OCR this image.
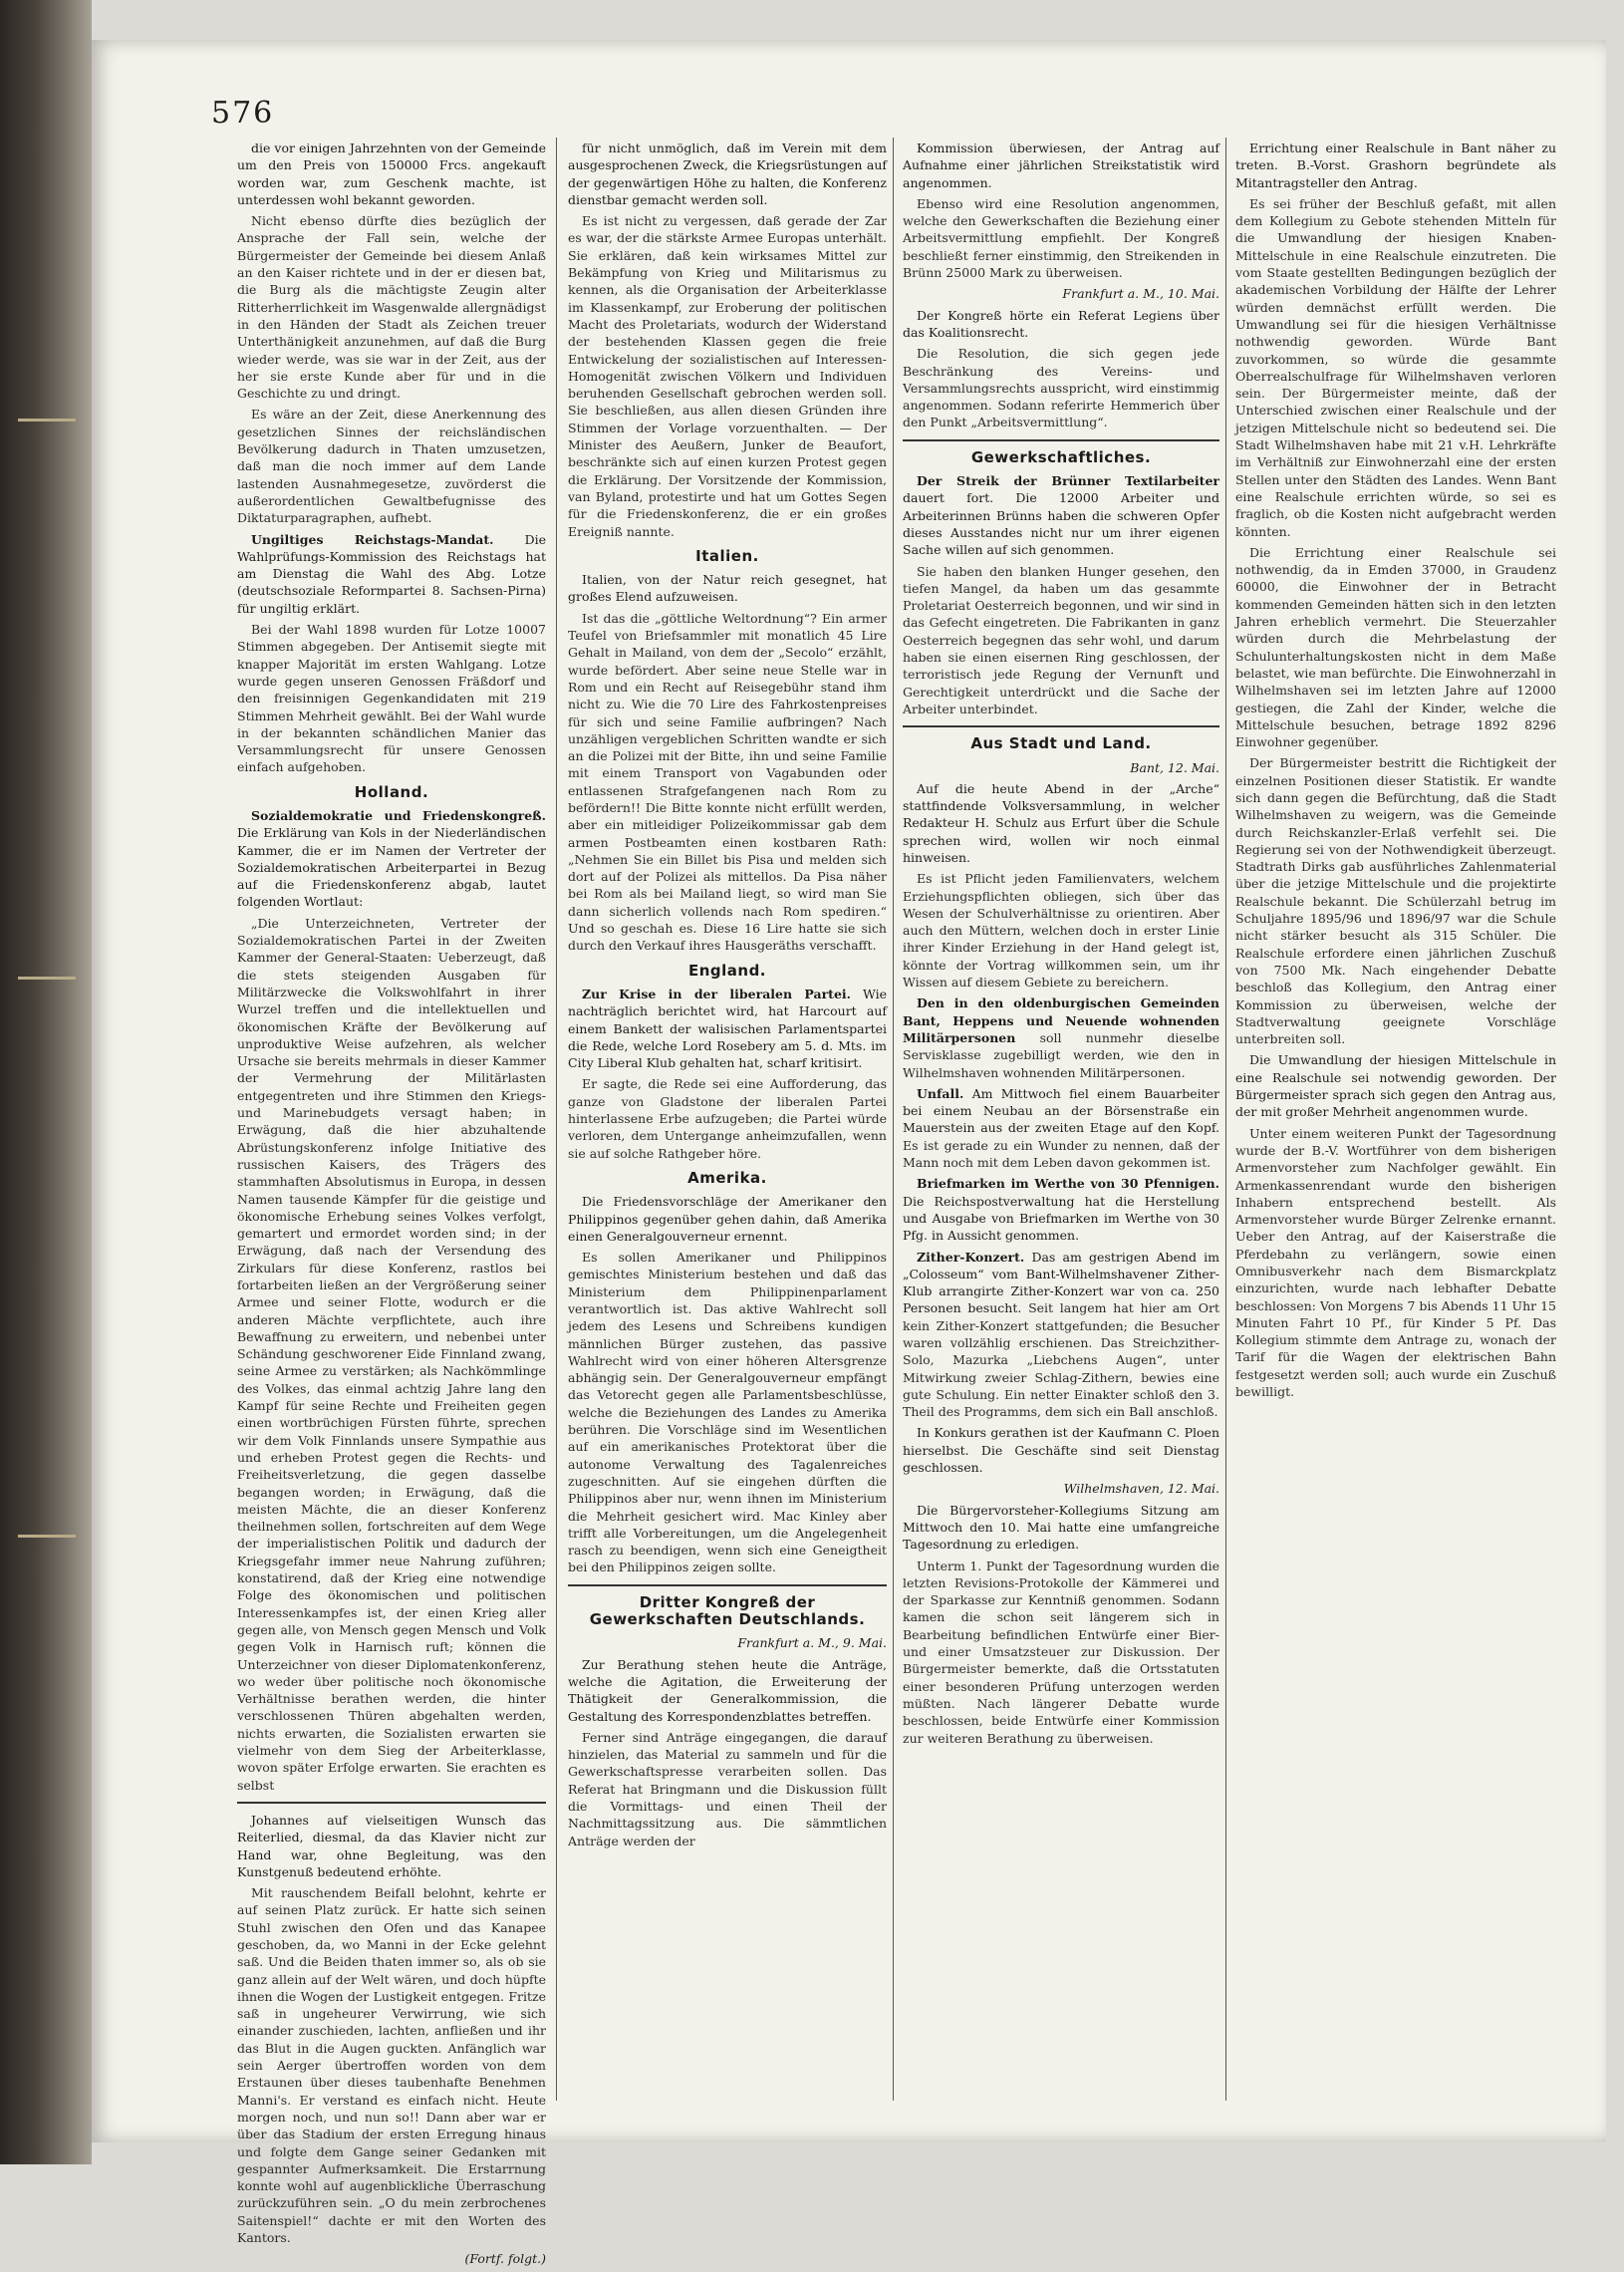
576

die vor einigen Jahrzehnten von der Gemeinde um den Preis von 150000 Frcs. angekauft worden war, zum Geschenk machte, ist unterdessen wohl bekannt geworden.

Nicht ebenso dürfte dies bezüglich der Ansprache der Fall sein, welche der Bürgermeister der Gemeinde bei diesem Anlaß an den Kaiser richtete und in der er diesen bat, die Burg als die mächtigste Zeugin alter Ritterherrlichkeit im Wasgenwalde allergnädigst in den Händen der Stadt als Zeichen treuer Unterthänigkeit anzunehmen, auf daß die Burg wieder werde, was sie war in der Zeit, aus der her sie erste Kunde aber für und in die Geschichte zu und dringt.

Es wäre an der Zeit, diese Anerkennung des gesetzlichen Sinnes der reichsländischen Bevölkerung dadurch in Thaten umzusetzen, daß man die noch immer auf dem Lande lastenden Ausnahmegesetze, zuvörderst die außerordentlichen Gewaltbefugnisse des Diktaturparagraphen, aufhebt.

Ungiltiges Reichstags-Mandat. Die Wahlprüfungs-Kommission des Reichstags hat am Dienstag die Wahl des Abg. Lotze (deutschsoziale Reformpartei 8. Sachsen-Pirna) für ungiltig erklärt.

Bei der Wahl 1898 wurden für Lotze 10007 Stimmen abgegeben. Der Antisemit siegte mit knapper Majorität im ersten Wahlgang. Lotze wurde gegen unseren Genossen Fräßdorf und den freisinnigen Gegenkandidaten mit 219 Stimmen Mehrheit gewählt. Bei der Wahl wurde in der bekannten schändlichen Manier das Versammlungsrecht für unsere Genossen einfach aufgehoben.

Holland.

Sozialdemokratie und Friedenskongreß. Die Erklärung van Kols in der Niederländischen Kammer, die er im Namen der Vertreter der Sozialdemokratischen Arbeiterpartei in Bezug auf die Friedenskonferenz abgab, lautet folgenden Wortlaut:

„Die Unterzeichneten, Vertreter der Sozialdemokratischen Partei in der Zweiten Kammer der General-Staaten: Ueberzeugt, daß die stets steigenden Ausgaben für Militärzwecke die Volkswohlfahrt in ihrer Wurzel treffen und die intellektuellen und ökonomischen Kräfte der Bevölkerung auf unproduktive Weise aufzehren, als welcher Ursache sie bereits mehrmals in dieser Kammer der Vermehrung der Militärlasten entgegentreten und ihre Stimmen den Kriegs- und Marinebudgets versagt haben; in Erwägung, daß die hier abzuhaltende Abrüstungskonferenz infolge Initiative des russischen Kaisers, des Trägers des stammhaften Absolutismus in Europa, in dessen Namen tausende Kämpfer für die geistige und ökonomische Erhebung seines Volkes verfolgt, gemartert und ermordet worden sind; in der Erwägung, daß nach der Versendung des Zirkulars für diese Konferenz, rastlos bei fortarbeiten ließen an der Vergrößerung seiner Armee und seiner Flotte, wodurch er die anderen Mächte verpflichtete, auch ihre Bewaffnung zu erweitern, und nebenbei unter Schändung geschworener Eide Finnland zwang, seine Armee zu verstärken; als Nachkömmlinge des Volkes, das einmal achtzig Jahre lang den Kampf für seine Rechte und Freiheiten gegen einen wortbrüchigen Fürsten führte, sprechen wir dem Volk Finnlands unsere Sympathie aus und erheben Protest gegen die Rechts- und Freiheitsverletzung, die gegen dasselbe begangen worden; in Erwägung, daß die meisten Mächte, die an dieser Konferenz theilnehmen sollen, fortschreiten auf dem Wege der imperialistischen Politik und dadurch der Kriegsgefahr immer neue Nahrung zuführen; konstatirend, daß der Krieg eine notwendige Folge des ökonomischen und politischen Interessenkampfes ist, der einen Krieg aller gegen alle, von Mensch gegen Mensch und Volk gegen Volk in Harnisch ruft; können die Unterzeichner von dieser Diplomatenkonferenz, wo weder über politische noch ökonomische Verhältnisse berathen werden, die hinter verschlossenen Thüren abgehalten werden, nichts erwarten, die Sozialisten erwarten sie vielmehr von dem Sieg der Arbeiterklasse, wovon später Erfolge erwarten. Sie erachten es selbst

Johannes auf vielseitigen Wunsch das Reiterlied, diesmal, da das Klavier nicht zur Hand war, ohne Begleitung, was den Kunstgenuß bedeutend erhöhte.

Mit rauschendem Beifall belohnt, kehrte er auf seinen Platz zurück. Er hatte sich seinen Stuhl zwischen den Ofen und das Kanapee geschoben, da, wo Manni in der Ecke gelehnt saß. Und die Beiden thaten immer so, als ob sie ganz allein auf der Welt wären, und doch hüpfte ihnen die Wogen der Lustigkeit entgegen. Fritze saß in ungeheurer Verwirrung, wie sich einander zuschieden, lachten, anfließen und ihr das Blut in die Augen guckten. Anfänglich war sein Aerger übertroffen worden von dem Erstaunen über dieses taubenhafte Benehmen Manni's. Er verstand es einfach nicht. Heute morgen noch, und nun so!! Dann aber war er über das Stadium der ersten Erregung hinaus und folgte dem Gange seiner Gedanken mit gespannter Aufmerksamkeit. Die Erstarrnung konnte wohl auf augenblickliche Überraschung zurückzuführen sein. „O du mein zerbrochenes Saitenspiel!“ dachte er mit den Worten des Kantors.

(Fortf. folgt.)

für nicht unmöglich, daß im Verein mit dem ausgesprochenen Zweck, die Kriegsrüstungen auf der gegenwärtigen Höhe zu halten, die Konferenz dienstbar gemacht werden soll.

Es ist nicht zu vergessen, daß gerade der Zar es war, der die stärkste Armee Europas unterhält. Sie erklären, daß kein wirksames Mittel zur Bekämpfung von Krieg und Militarismus zu kennen, als die Organisation der Arbeiterklasse im Klassenkampf, zur Eroberung der politischen Macht des Proletariats, wodurch der Widerstand der bestehenden Klassen gegen die freie Entwickelung der sozialistischen auf Interessen-Homogenität zwischen Völkern und Individuen beruhenden Gesellschaft gebrochen werden soll. Sie beschließen, aus allen diesen Gründen ihre Stimmen der Vorlage vorzuenthalten. — Der Minister des Aeußern, Junker de Beaufort, beschränkte sich auf einen kurzen Protest gegen die Erklärung. Der Vorsitzende der Kommission, van Byland, protestirte und hat um Gottes Segen für die Friedenskonferenz, die er ein großes Ereigniß nannte.

Italien.

Italien, von der Natur reich gesegnet, hat großes Elend aufzuweisen.

Ist das die „göttliche Weltordnung“? Ein armer Teufel von Briefsammler mit monatlich 45 Lire Gehalt in Mailand, von dem der „Secolo“ erzählt, wurde befördert. Aber seine neue Stelle war in Rom und ein Recht auf Reisegebühr stand ihm nicht zu. Wie die 70 Lire des Fahrkostenpreises für sich und seine Familie aufbringen? Nach unzähligen vergeblichen Schritten wandte er sich an die Polizei mit der Bitte, ihn und seine Familie mit einem Transport von Vagabunden oder entlassenen Strafgefangenen nach Rom zu befördern!! Die Bitte konnte nicht erfüllt werden, aber ein mitleidiger Polizeikommissar gab dem armen Postbeamten einen kostbaren Rath: „Nehmen Sie ein Billet bis Pisa und melden sich dort auf der Polizei als mittellos. Da Pisa näher bei Rom als bei Mailand liegt, so wird man Sie dann sicherlich vollends nach Rom spediren.“ Und so geschah es. Diese 16 Lire hatte sie sich durch den Verkauf ihres Hausgeräths verschafft.

England.

Zur Krise in der liberalen Partei. Wie nachträglich berichtet wird, hat Harcourt auf einem Bankett der walisischen Parlamentspartei die Rede, welche Lord Rosebery am 5. d. Mts. im City Liberal Klub gehalten hat, scharf kritisirt.

Er sagte, die Rede sei eine Aufforderung, das ganze von Gladstone der liberalen Partei hinterlassene Erbe aufzugeben; die Partei würde verloren, dem Untergange anheimzufallen, wenn sie auf solche Rathgeber höre.

Amerika.

Die Friedensvorschläge der Amerikaner den Philippinos gegenüber gehen dahin, daß Amerika einen Generalgouverneur ernennt.

Es sollen Amerikaner und Philippinos gemischtes Ministerium bestehen und daß das Ministerium dem Philippinenparlament verantwortlich ist. Das aktive Wahlrecht soll jedem des Lesens und Schreibens kundigen männlichen Bürger zustehen, das passive Wahlrecht wird von einer höheren Altersgrenze abhängig sein. Der Generalgouverneur empfängt das Vetorecht gegen alle Parlamentsbeschlüsse, welche die Beziehungen des Landes zu Amerika berühren. Die Vorschläge sind im Wesentlichen auf ein amerikanisches Protektorat über die autonome Verwaltung des Tagalenreiches zugeschnitten. Auf sie eingehen dürften die Philippinos aber nur, wenn ihnen im Ministerium die Mehrheit gesichert wird. Mac Kinley aber trifft alle Vorbereitungen, um die Angelegenheit rasch zu beendigen, wenn sich eine Geneigtheit bei den Philippinos zeigen sollte.

Dritter Kongreß der Gewerkschaften Deutschlands.

Frankfurt a. M., 9. Mai.

Zur Berathung stehen heute die Anträge, welche die Agitation, die Erweiterung der Thätigkeit der Generalkommission, die Gestaltung des Korrespondenzblattes betreffen.

Ferner sind Anträge eingegangen, die darauf hinzielen, das Material zu sammeln und für die Gewerkschaftspresse verarbeiten sollen. Das Referat hat Bringmann und die Diskussion füllt die Vormittags- und einen Theil der Nachmittagssitzung aus. Die sämmtlichen Anträge werden der

Kommission überwiesen, der Antrag auf Aufnahme einer jährlichen Streikstatistik wird angenommen.

Ebenso wird eine Resolution angenommen, welche den Gewerkschaften die Beziehung einer Arbeitsvermittlung empfiehlt. Der Kongreß beschließt ferner einstimmig, den Streikenden in Brünn 25000 Mark zu überweisen.

Frankfurt a. M., 10. Mai.

Der Kongreß hörte ein Referat Legiens über das Koalitionsrecht.

Die Resolution, die sich gegen jede Beschränkung des Vereins- und Versammlungsrechts ausspricht, wird einstimmig angenommen. Sodann referirte Hemmerich über den Punkt „Arbeitsvermittlung“.

Gewerkschaftliches.

Der Streik der Brünner Textilarbeiter dauert fort. Die 12000 Arbeiter und Arbeiterinnen Brünns haben die schweren Opfer dieses Ausstandes nicht nur um ihrer eigenen Sache willen auf sich genommen.

Sie haben den blanken Hunger gesehen, den tiefen Mangel, da haben um das gesammte Proletariat Oesterreich begonnen, und wir sind in das Gefecht eingetreten. Die Fabrikanten in ganz Oesterreich begegnen das sehr wohl, und darum haben sie einen eisernen Ring geschlossen, der terroristisch jede Regung der Vernunft und Gerechtigkeit unterdrückt und die Sache der Arbeiter unterbindet.

Aus Stadt und Land.

Bant, 12. Mai.

Auf die heute Abend in der „Arche“ stattfindende Volksversammlung, in welcher Redakteur H. Schulz aus Erfurt über die Schule sprechen wird, wollen wir noch einmal hinweisen.

Es ist Pflicht jeden Familienvaters, welchem Erziehungspflichten obliegen, sich über das Wesen der Schulverhältnisse zu orientiren. Aber auch den Müttern, welchen doch in erster Linie ihrer Kinder Erziehung in der Hand gelegt ist, könnte der Vortrag willkommen sein, um ihr Wissen auf diesem Gebiete zu bereichern.

Den in den oldenburgischen Gemeinden Bant, Heppens und Neuende wohnenden Militärpersonen soll nunmehr dieselbe Servisklasse zugebilligt werden, wie den in Wilhelmshaven wohnenden Militärpersonen.

Unfall. Am Mittwoch fiel einem Bauarbeiter bei einem Neubau an der Börsenstraße ein Mauerstein aus der zweiten Etage auf den Kopf. Es ist gerade zu ein Wunder zu nennen, daß der Mann noch mit dem Leben davon gekommen ist.

Briefmarken im Werthe von 30 Pfennigen. Die Reichspostverwaltung hat die Herstellung und Ausgabe von Briefmarken im Werthe von 30 Pfg. in Aussicht genommen.

Zither-Konzert. Das am gestrigen Abend im „Colosseum“ vom Bant-Wilhelmshavener Zither-Klub arrangirte Zither-Konzert war von ca. 250 Personen besucht. Seit langem hat hier am Ort kein Zither-Konzert stattgefunden; die Besucher waren vollzählig erschienen. Das Streichzither-Solo, Mazurka „Liebchens Augen“, unter Mitwirkung zweier Schlag-Zithern, bewies eine gute Schulung. Ein netter Einakter schloß den 3. Theil des Programms, dem sich ein Ball anschloß.

In Konkurs gerathen ist der Kaufmann C. Ploen hierselbst. Die Geschäfte sind seit Dienstag geschlossen.

Wilhelmshaven, 12. Mai.

Die Bürgervorsteher-Kollegiums Sitzung am Mittwoch den 10. Mai hatte eine umfangreiche Tagesordnung zu erledigen.

Unterm 1. Punkt der Tagesordnung wurden die letzten Revisions-Protokolle der Kämmerei und der Sparkasse zur Kenntniß genommen. Sodann kamen die schon seit längerem sich in Bearbeitung befindlichen Entwürfe einer Bier- und einer Umsatzsteuer zur Diskussion. Der Bürgermeister bemerkte, daß die Ortsstatuten einer besonderen Prüfung unterzogen werden müßten. Nach längerer Debatte wurde beschlossen, beide Entwürfe einer Kommission zur weiteren Berathung zu überweisen.

Errichtung einer Realschule in Bant näher zu treten. B.-Vorst. Grashorn begründete als Mitantragsteller den Antrag.

Es sei früher der Beschluß gefaßt, mit allen dem Kollegium zu Gebote stehenden Mitteln für die Umwandlung der hiesigen Knaben-Mittelschule in eine Realschule einzutreten. Die vom Staate gestellten Bedingungen bezüglich der akademischen Vorbildung der Hälfte der Lehrer würden demnächst erfüllt werden. Die Umwandlung sei für die hiesigen Verhältnisse nothwendig geworden. Würde Bant zuvorkommen, so würde die gesammte Oberrealschulfrage für Wilhelmshaven verloren sein. Der Bürgermeister meinte, daß der Unterschied zwischen einer Realschule und der jetzigen Mittelschule nicht so bedeutend sei. Die Stadt Wilhelmshaven habe mit 21 v.H. Lehrkräfte im Verhältniß zur Einwohnerzahl eine der ersten Stellen unter den Städten des Landes. Wenn Bant eine Realschule errichten würde, so sei es fraglich, ob die Kosten nicht aufgebracht werden könnten.

Die Errichtung einer Realschule sei nothwendig, da in Emden 37000, in Graudenz 60000, die Einwohner der in Betracht kommenden Gemeinden hätten sich in den letzten Jahren erheblich vermehrt. Die Steuerzahler würden durch die Mehrbelastung der Schulunterhaltungskosten nicht in dem Maße belastet, wie man befürchte. Die Einwohnerzahl in Wilhelmshaven sei im letzten Jahre auf 12000 gestiegen, die Zahl der Kinder, welche die Mittelschule besuchen, betrage 1892 8296 Einwohner gegenüber.

Der Bürgermeister bestritt die Richtigkeit der einzelnen Positionen dieser Statistik. Er wandte sich dann gegen die Befürchtung, daß die Stadt Wilhelmshaven zu weigern, was die Gemeinde durch Reichskanzler-Erlaß verfehlt sei. Die Regierung sei von der Nothwendigkeit überzeugt. Stadtrath Dirks gab ausführliches Zahlenmaterial über die jetzige Mittelschule und die projektirte Realschule bekannt. Die Schülerzahl betrug im Schuljahre 1895/96 und 1896/97 war die Schule nicht stärker besucht als 315 Schüler. Die Realschule erfordere einen jährlichen Zuschuß von 7500 Mk. Nach eingehender Debatte beschloß das Kollegium, den Antrag einer Kommission zu überweisen, welche der Stadtverwaltung geeignete Vorschläge unterbreiten soll.

Die Umwandlung der hiesigen Mittelschule in eine Realschule sei notwendig geworden. Der Bürgermeister sprach sich gegen den Antrag aus, der mit großer Mehrheit angenommen wurde.

Unter einem weiteren Punkt der Tagesordnung wurde der B.-V. Wortführer von dem bisherigen Armenvorsteher zum Nachfolger gewählt. Ein Armenkassenrendant wurde den bisherigen Inhabern entsprechend bestellt. Als Armenvorsteher wurde Bürger Zelrenke ernannt. Ueber den Antrag, auf der Kaiserstraße die Pferdebahn zu verlängern, sowie einen Omnibusverkehr nach dem Bismarckplatz einzurichten, wurde nach lebhafter Debatte beschlossen: Von Morgens 7 bis Abends 11 Uhr 15 Minuten Fahrt 10 Pf., für Kinder 5 Pf. Das Kollegium stimmte dem Antrage zu, wonach der Tarif für die Wagen der elektrischen Bahn festgesetzt werden soll; auch wurde ein Zuschuß bewilligt.
